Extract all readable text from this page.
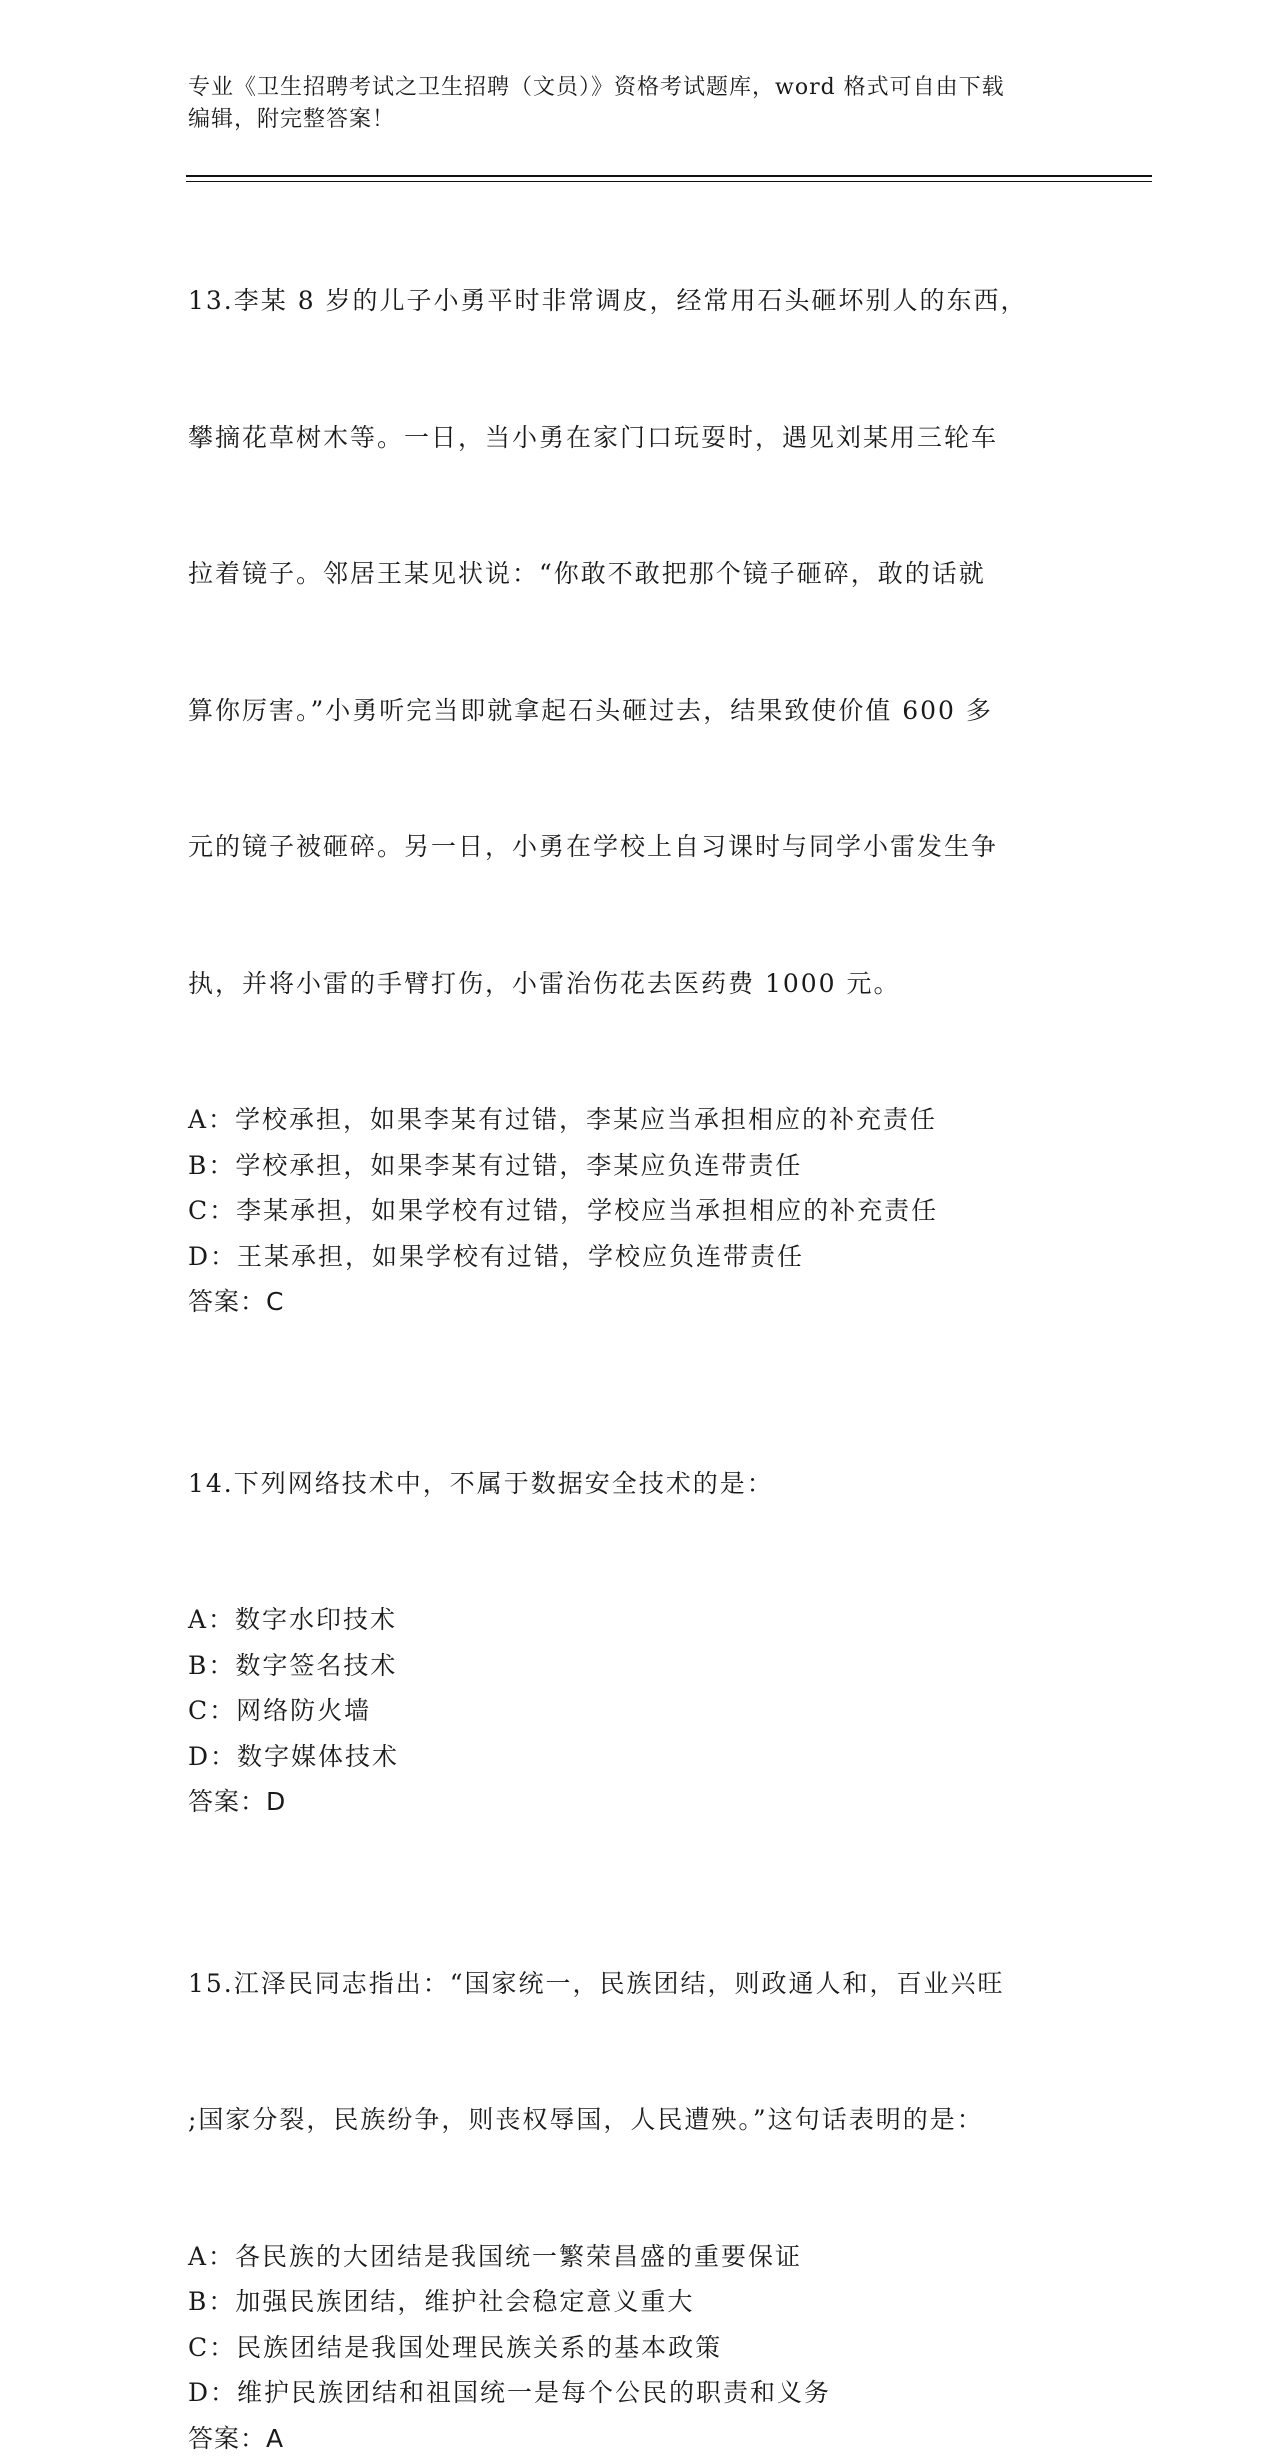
专业《卫生招聘考试之卫生招聘（文员）》资格考试题库，word 格式可自由下载
编辑，附完整答案！

13.李某 8 岁的儿子小勇平时非常调皮，经常用石头砸坏别人的东西，

攀摘花草树木等。一日，当小勇在家门口玩耍时，遇见刘某用三轮车

拉着镜子。邻居王某见状说：“你敢不敢把那个镜子砸碎，敢的话就

算你厉害。”小勇听完当即就拿起石头砸过去，结果致使价值 600 多

元的镜子被砸碎。另一日，小勇在学校上自习课时与同学小雷发生争

执，并将小雷的手臂打伤，小雷治伤花去医药费 1000 元。

A：学校承担，如果李某有过错，李某应当承担相应的补充责任
B：学校承担，如果李某有过错，李某应负连带责任
C：李某承担，如果学校有过错，学校应当承担相应的补充责任
D：王某承担，如果学校有过错，学校应负连带责任
答案：C

14.下列网络技术中，不属于数据安全技术的是：

A：数字水印技术
B：数字签名技术
C：网络防火墙
D：数字媒体技术
答案：D

15.江泽民同志指出：“国家统一，民族团结，则政通人和，百业兴旺

;国家分裂，民族纷争，则丧权辱国，人民遭殃。”这句话表明的是：

A：各民族的大团结是我国统一繁荣昌盛的重要保证
B：加强民族团结，维护社会稳定意义重大
C：民族团结是我国处理民族关系的基本政策
D：维护民族团结和祖国统一是每个公民的职责和义务
答案：A
